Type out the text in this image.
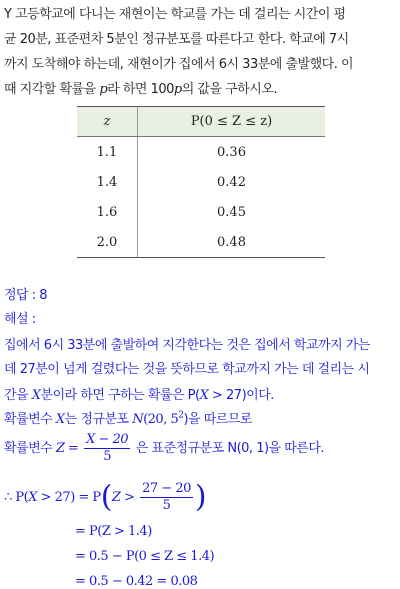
Y 고등학교에 다니는 재현이는 학교를 가는 데 걸리는 시간이 평
균 20분, 표준편차 5분인 정규분포를 따른다고 한다. 학교에 7시
까지 도착해야 하는데, 재현이가 집에서 6시 33분에 출발했다. 이
때 지각할 확률을 p라 하면 100p의 값을 구하시오.
z	P(0 ≤ Z ≤ z)
1.1	0.36
1.4	0.42
1.6	0.45
2.0	0.48
정답 : 8
해설 :
집에서 6시 33분에 출발하여 지각한다는 것은 집에서 학교까지 가는
데 27분이 넘게 걸렸다는 것을 뜻하므로 학교까지 가는 데 걸리는 시
간을 X분이라 하면 구하는 확률은 P(X > 27)이다.
확률변수 X는 정규분포 N(20, $5^2$)을 따르므로
확률변수 $Z = \frac{X - 20}{5}$ 은 표준정규분포 N(0, 1)을 따른다.
∴ $P(X > 27) = P(Z > \frac{27 - 20}{5}$ )
= P(Z > 1.4)
= 0.5 − P(0 ≤ Z ≤ 1.4)
= 0.5 − 0.42 = 0.08
